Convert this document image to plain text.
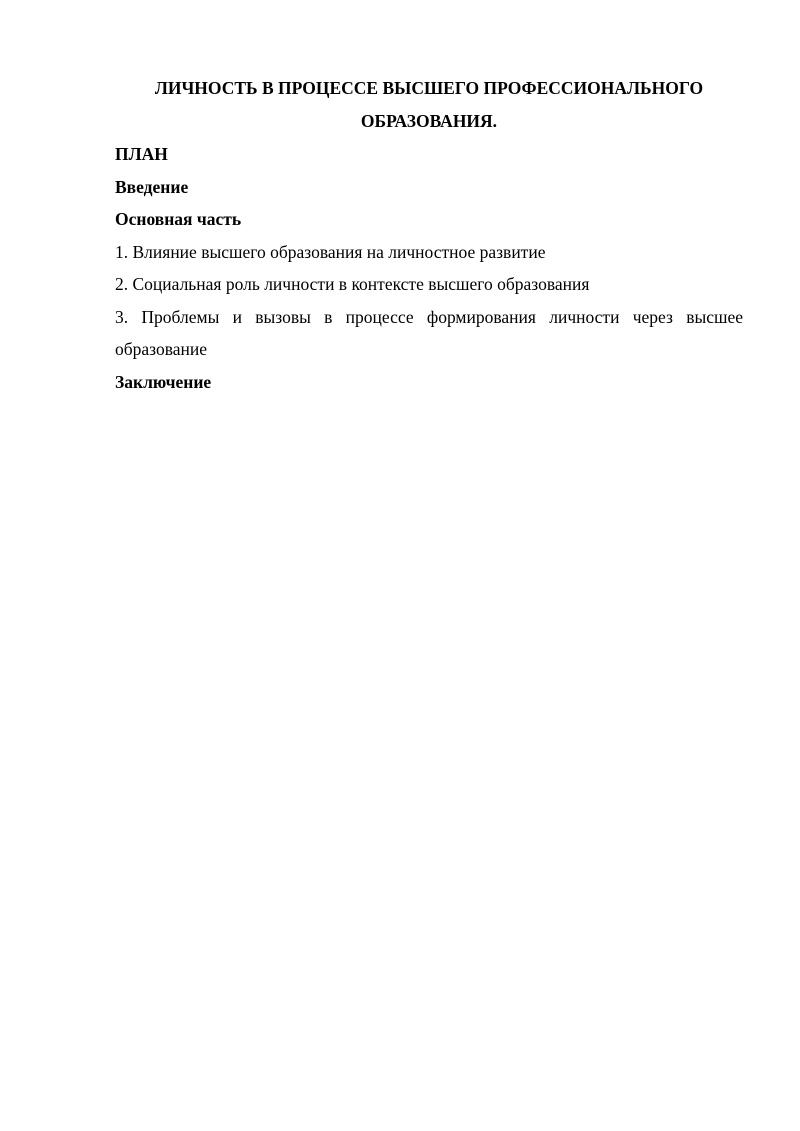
ЛИЧНОСТЬ В ПРОЦЕССЕ ВЫСШЕГО ПРОФЕССИОНАЛЬНОГО ОБРАЗОВАНИЯ.

ПЛАН

Введение

Основная часть

1. Влияние высшего образования на личностное развитие

2. Социальная роль личности в контексте высшего образования

3. Проблемы и вызовы в процессе формирования личности через высшее образование

Заключение
